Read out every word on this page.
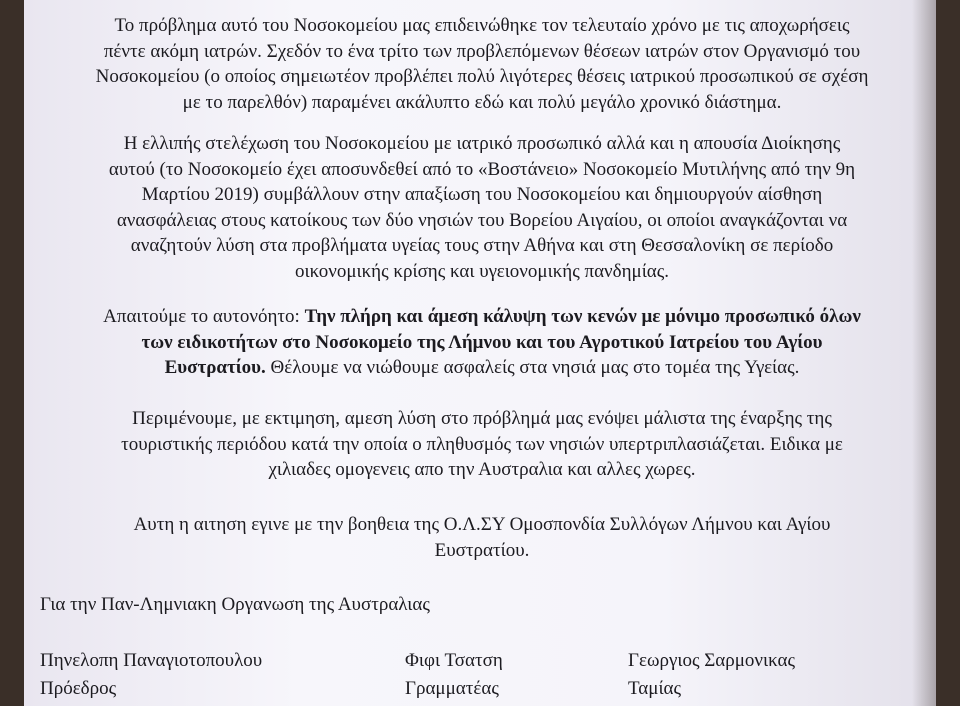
Το πρόβλημα αυτό του Νοσοκομείου μας επιδεινώθηκε τον τελευταίο χρόνο με τις αποχωρήσεις
πέντε ακόμη ιατρών. Σχεδόν το ένα τρίτο των προβλεπόμενων θέσεων ιατρών στον Οργανισμό του
Νοσοκομείου (ο οποίος σημειωτέον προβλέπει πολύ λιγότερες θέσεις ιατρικού προσωπικού σε σχέση
με το παρελθόν) παραμένει ακάλυπτο εδώ και πολύ μεγάλο χρονικό διάστημα.

Η ελλιπής στελέχωση του Νοσοκομείου με ιατρικό προσωπικό αλλά και η απουσία Διοίκησης
αυτού (το Νοσοκομείο έχει αποσυνδεθεί από το «Βοστάνειο» Νοσοκομείο Μυτιλήνης από την 9η
Μαρτίου 2019) συμβάλλουν στην απαξίωση του Νοσοκομείου και δημιουργούν αίσθηση
ανασφάλειας στους κατοίκους των δύο νησιών του Βορείου Αιγαίου, οι οποίοι αναγκάζονται να
αναζητούν λύση στα προβλήματα υγείας τους στην Αθήνα και στη Θεσσαλονίκη σε περίοδο
οικονομικής κρίσης και υγειονομικής πανδημίας.

Απαιτούμε το αυτονόητο: Την πλήρη και άμεση κάλυψη των κενών με μόνιμο προσωπικό όλων
των ειδικοτήτων στο Νοσοκομείο της Λήμνου και του Αγροτικού Ιατρείου του Αγίου
Ευστρατίου. Θέλουμε να νιώθουμε ασφαλείς στα νησιά μας στο τομέα της Υγείας.

Περιμένουμε, με εκτιμηση, αμεση λύση στο πρόβλημά μας ενόψει μάλιστα της έναρξης της
τουριστικής περιόδου κατά την οποία ο πληθυσμός των νησιών υπερτριπλασιάζεται. Ειδικα με
χιλιαδες ομογενεις απο την Αυστραλια και αλλες χωρες.

Αυτη η αιτηση εγινε με την βοηθεια της Ο.Λ.ΣΥ Ομοσπονδία Συλλόγων Λήμνου και Αγίου
Ευστρατίου.

Για την Παν-Λημνιακη Οργανωση της Αυστραλιας

Πηνελοπη Παναγιοτοπουλου
Πρόεδρος
Φιφι Τσατση
Γραμματέας
Γεωργιος Σαρμονικας
Ταμίας
